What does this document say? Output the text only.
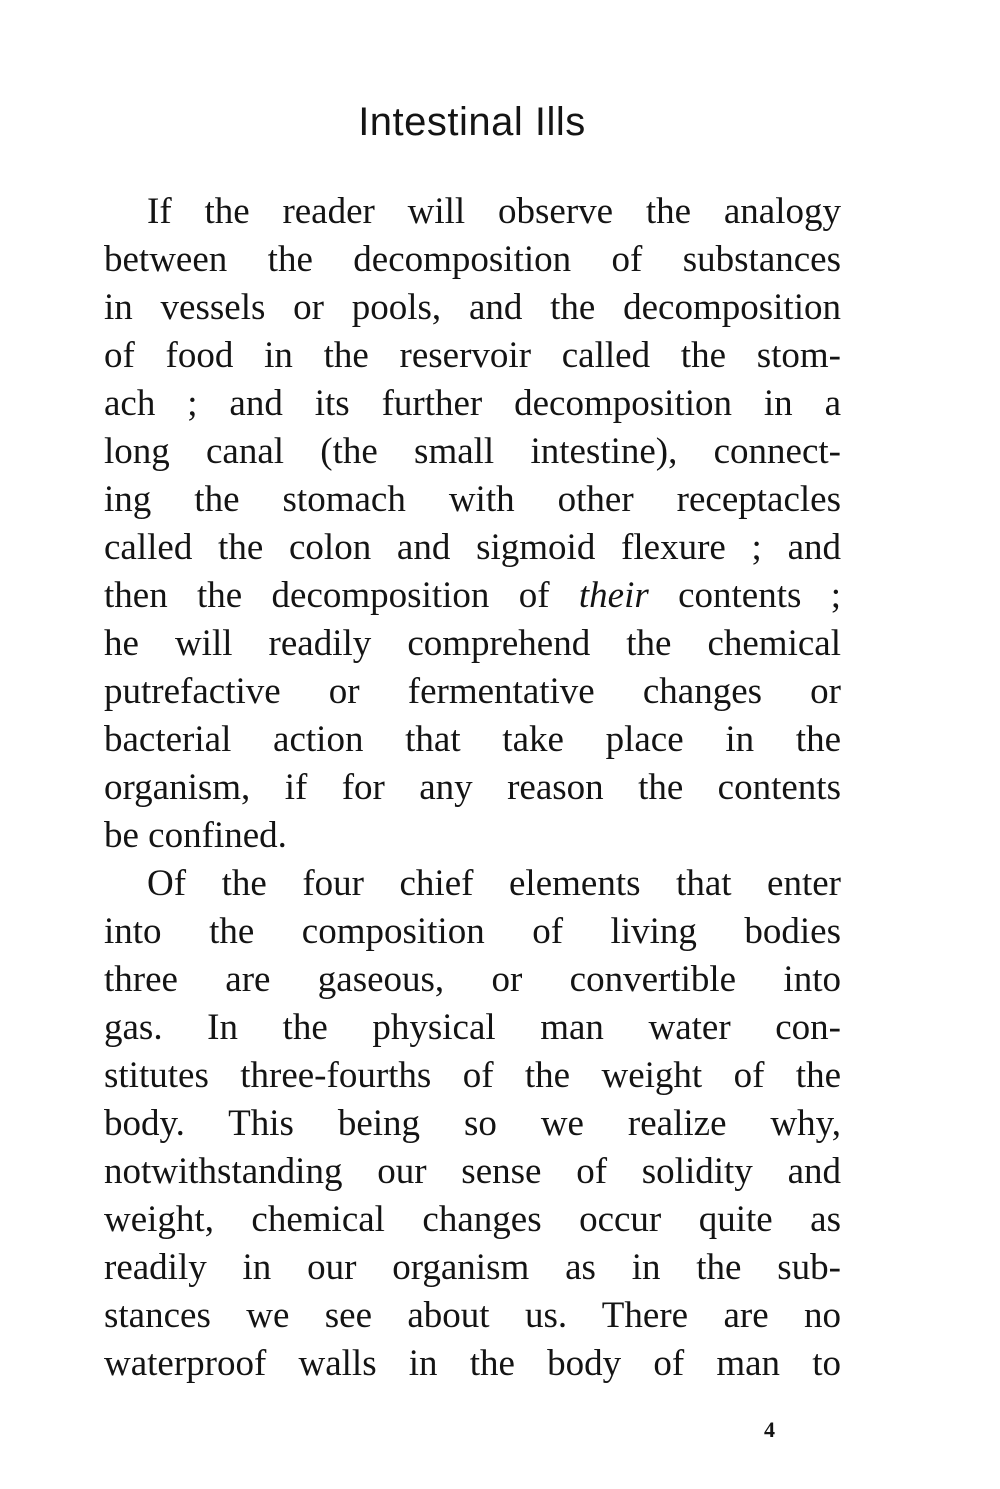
Intestinal Ills
If the reader will observe the analogy
between the decomposition of substances
in vessels or pools, and the decomposition
of food in the reservoir called the stom-
ach ; and its further decomposition in a
long canal (the small intestine), connect-
ing the stomach with other receptacles
called the colon and sigmoid flexure ; and
then the decomposition of their contents ;
he will readily comprehend the chemical
putrefactive or fermentative changes or
bacterial action that take place in the
organism, if for any reason the contents
be confined.
Of the four chief elements that enter
into the composition of living bodies
three are gaseous, or convertible into
gas. In the physical man water con-
stitutes three-fourths of the weight of the
body. This being so we realize why,
notwithstanding our sense of solidity and
weight, chemical changes occur quite as
readily in our organism as in the sub-
stances we see about us. There are no
waterproof walls in the body of man to
4
